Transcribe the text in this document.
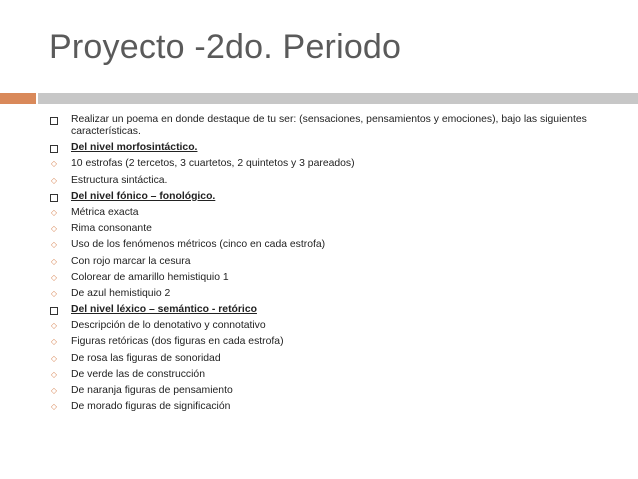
Proyecto -2do. Periodo
Realizar un poema en donde destaque de tu ser: (sensaciones, pensamientos y emociones), bajo las siguientes características.
Del nivel morfosintáctico.
◇
10 estrofas (2 tercetos, 3 cuartetos, 2 quintetos y 3 pareados)
◇
Estructura sintáctica.
Del nivel fónico – fonológico.
◇
Métrica exacta
◇
Rima consonante
◇
Uso de los fenómenos métricos (cinco en cada estrofa)
◇
Con rojo marcar la cesura
◇
Colorear de amarillo hemistiquio 1
◇
De azul hemistiquio 2
Del nivel léxico – semántico - retórico
◇
Descripción de lo denotativo y connotativo
◇
Figuras retóricas (dos figuras en cada estrofa)
◇
De rosa las figuras de sonoridad
◇
De verde las de construcción
◇
De naranja figuras de pensamiento
◇
De morado figuras de significación
